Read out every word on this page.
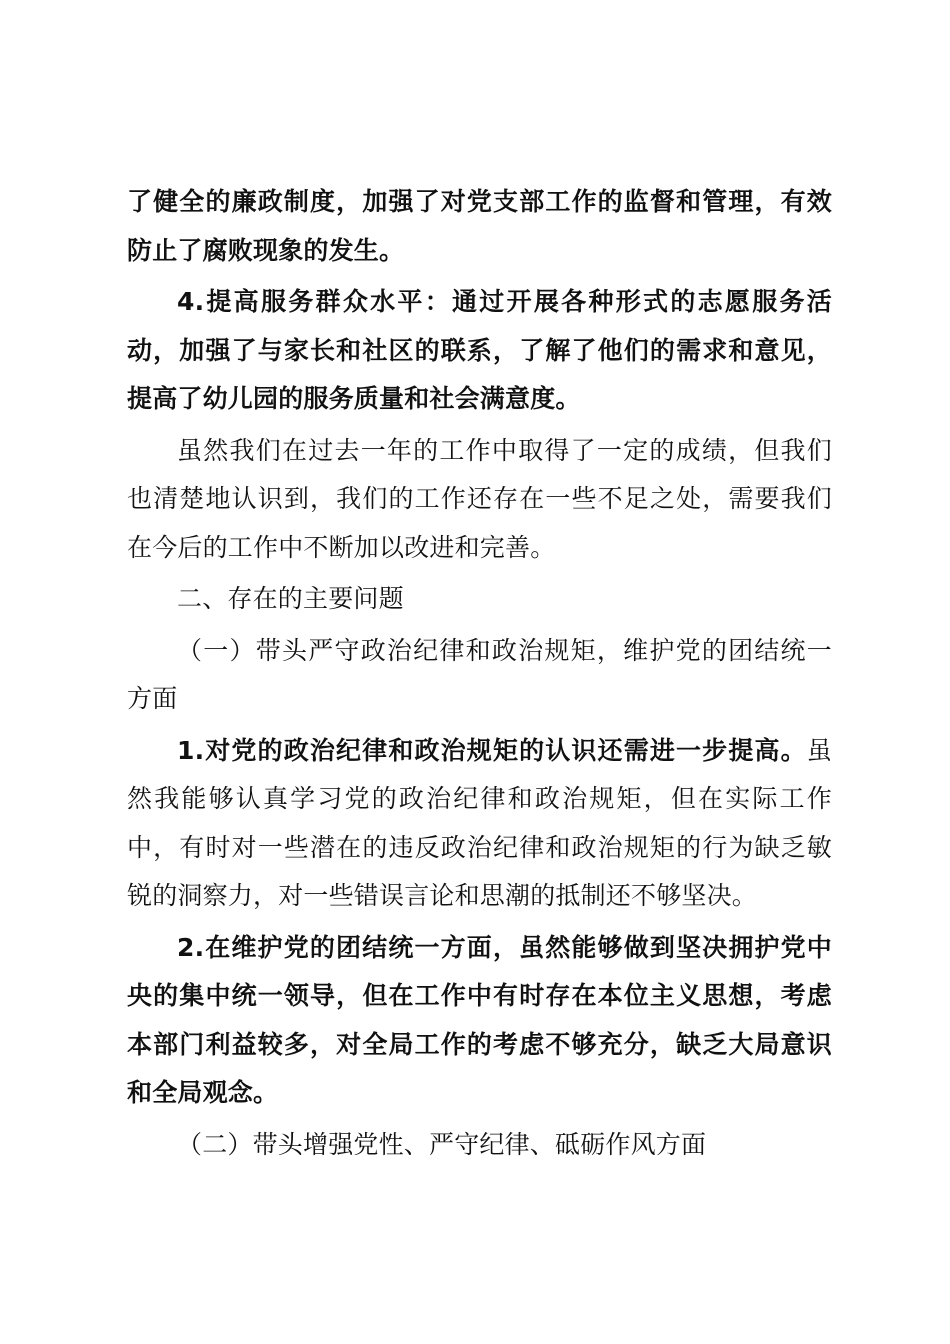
了健全的廉政制度，加强了对党支部工作的监督和管理，有效防止了腐败现象的发生。

4.提高服务群众水平：通过开展各种形式的志愿服务活动，加强了与家长和社区的联系，了解了他们的需求和意见，提高了幼儿园的服务质量和社会满意度。

虽然我们在过去一年的工作中取得了一定的成绩，但我们也清楚地认识到，我们的工作还存在一些不足之处，需要我们在今后的工作中不断加以改进和完善。

二、存在的主要问题

（一）带头严守政治纪律和政治规矩，维护党的团结统一方面

1.对党的政治纪律和政治规矩的认识还需进一步提高。虽然我能够认真学习党的政治纪律和政治规矩，但在实际工作中，有时对一些潜在的违反政治纪律和政治规矩的行为缺乏敏锐的洞察力，对一些错误言论和思潮的抵制还不够坚决。

2.在维护党的团结统一方面，虽然能够做到坚决拥护党中央的集中统一领导，但在工作中有时存在本位主义思想，考虑本部门利益较多，对全局工作的考虑不够充分，缺乏大局意识和全局观念。

（二）带头增强党性、严守纪律、砥砺作风方面
